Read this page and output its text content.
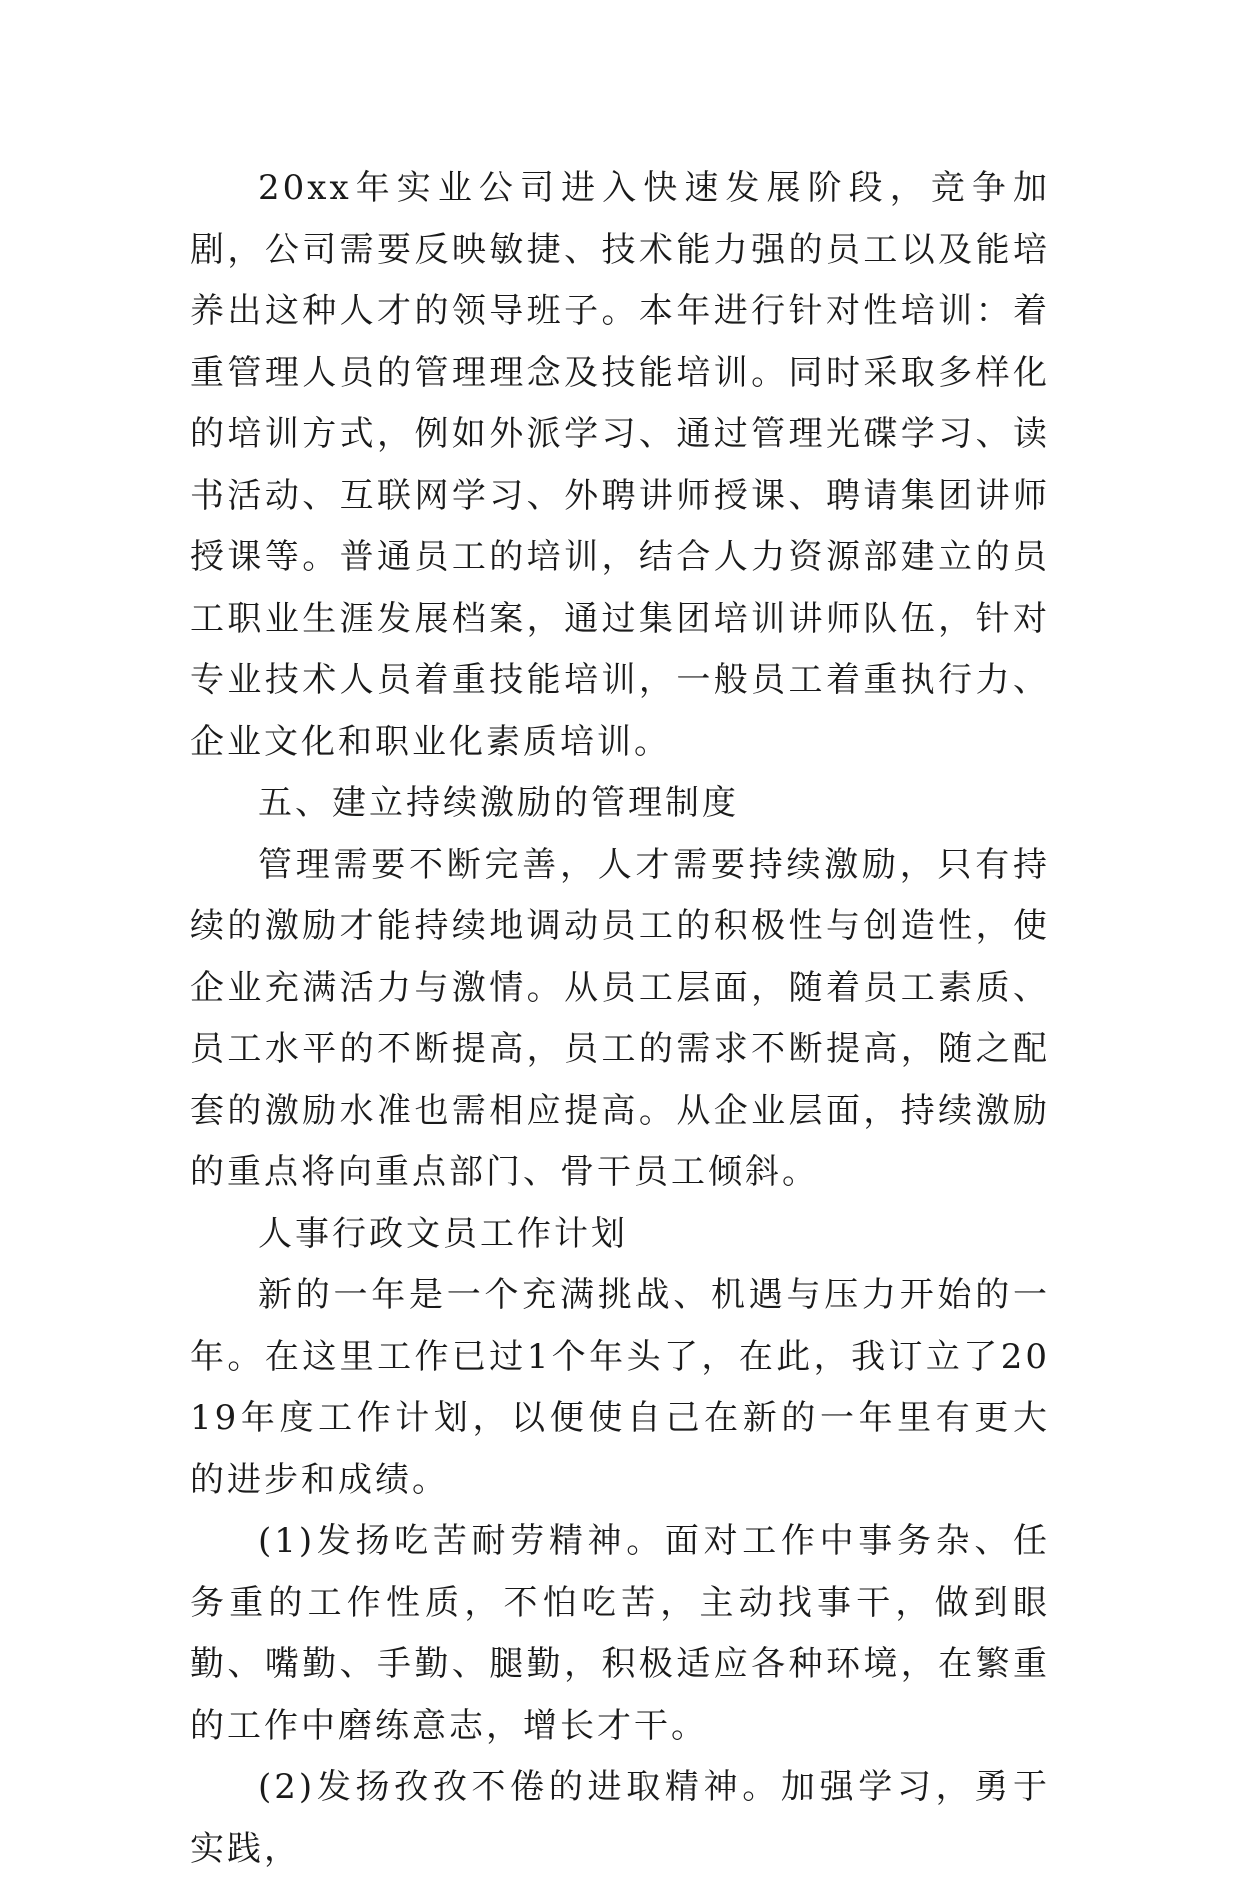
20xx年实业公司进入快速发展阶段，竞争加剧，公司需要反映敏捷、技术能力强的员工以及能培养出这种人才的领导班子。本年进行针对性培训：着重管理人员的管理理念及技能培训。同时采取多样化的培训方式，例如外派学习、通过管理光碟学习、读书活动、互联网学习、外聘讲师授课、聘请集团讲师授课等。普通员工的培训，结合人力资源部建立的员工职业生涯发展档案，通过集团培训讲师队伍，针对专业技术人员着重技能培训，一般员工着重执行力、企业文化和职业化素质培训。

五、建立持续激励的管理制度

管理需要不断完善，人才需要持续激励，只有持续的激励才能持续地调动员工的积极性与创造性，使企业充满活力与激情。从员工层面，随着员工素质、员工水平的不断提高，员工的需求不断提高，随之配套的激励水准也需相应提高。从企业层面，持续激励的重点将向重点部门、骨干员工倾斜。

人事行政文员工作计划

新的一年是一个充满挑战、机遇与压力开始的一年。在这里工作已过1个年头了，在此，我订立了2019年度工作计划，以便使自己在新的一年里有更大的进步和成绩。

(1)发扬吃苦耐劳精神。面对工作中事务杂、任务重的工作性质，不怕吃苦，主动找事干，做到眼勤、嘴勤、手勤、腿勤，积极适应各种环境，在繁重的工作中磨练意志，增长才干。

(2)发扬孜孜不倦的进取精神。加强学习，勇于实践，
